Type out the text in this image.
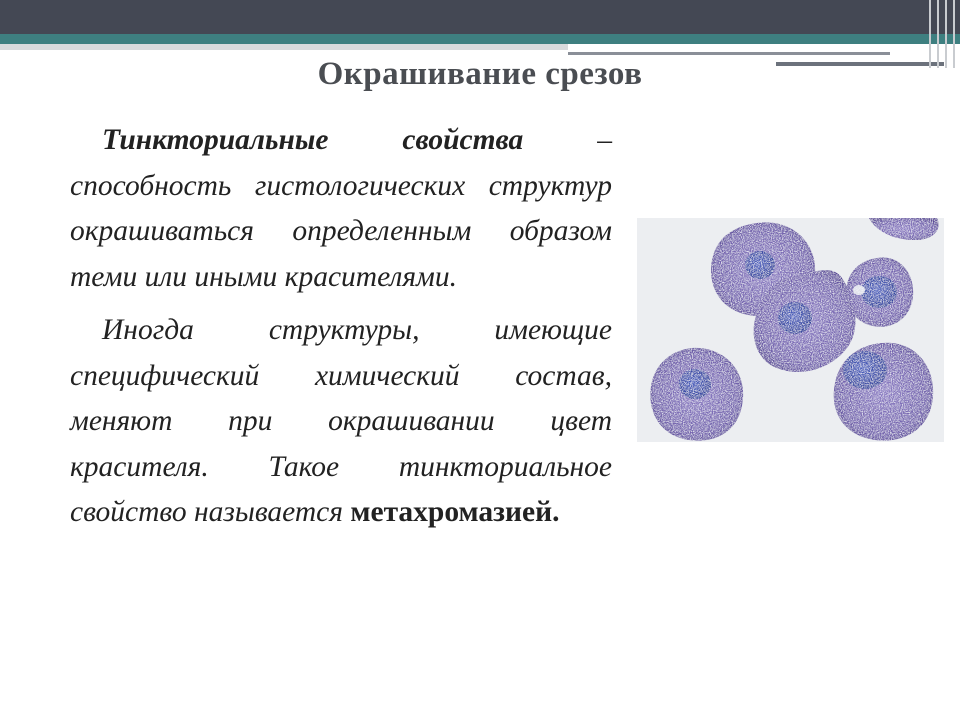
Окрашивание срезов

Тинкториальные свойства – способность гистологических структур окрашиваться определенным образом теми или иными красителями.

Иногда структуры, имеющие специфический химический состав, меняют при окрашивании цвет красителя. Такое тинкториальное свойство называется метахромазией.
